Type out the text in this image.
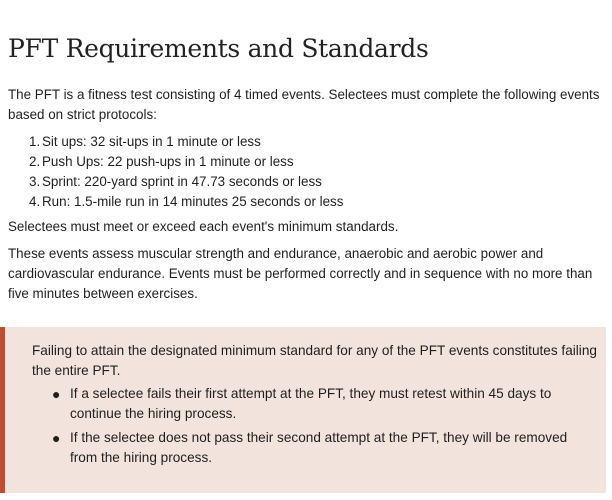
PFT Requirements and Standards

The PFT is a fitness test consisting of 4 timed events. Selectees must complete the following events based on strict protocols:

1. Sit ups: 32 sit-ups in 1 minute or less
2. Push Ups: 22 push-ups in 1 minute or less
3. Sprint: 220-yard sprint in 47.73 seconds or less
4. Run: 1.5-mile run in 14 minutes 25 seconds or less

Selectees must meet or exceed each event's minimum standards.

These events assess muscular strength and endurance, anaerobic and aerobic power and cardiovascular endurance. Events must be performed correctly and in sequence with no more than five minutes between exercises.

Failing to attain the designated minimum standard for any of the PFT events constitutes failing the entire PFT.

● If a selectee fails their first attempt at the PFT, they must retest within 45 days to continue the hiring process.
● If the selectee does not pass their second attempt at the PFT, they will be removed from the hiring process.
